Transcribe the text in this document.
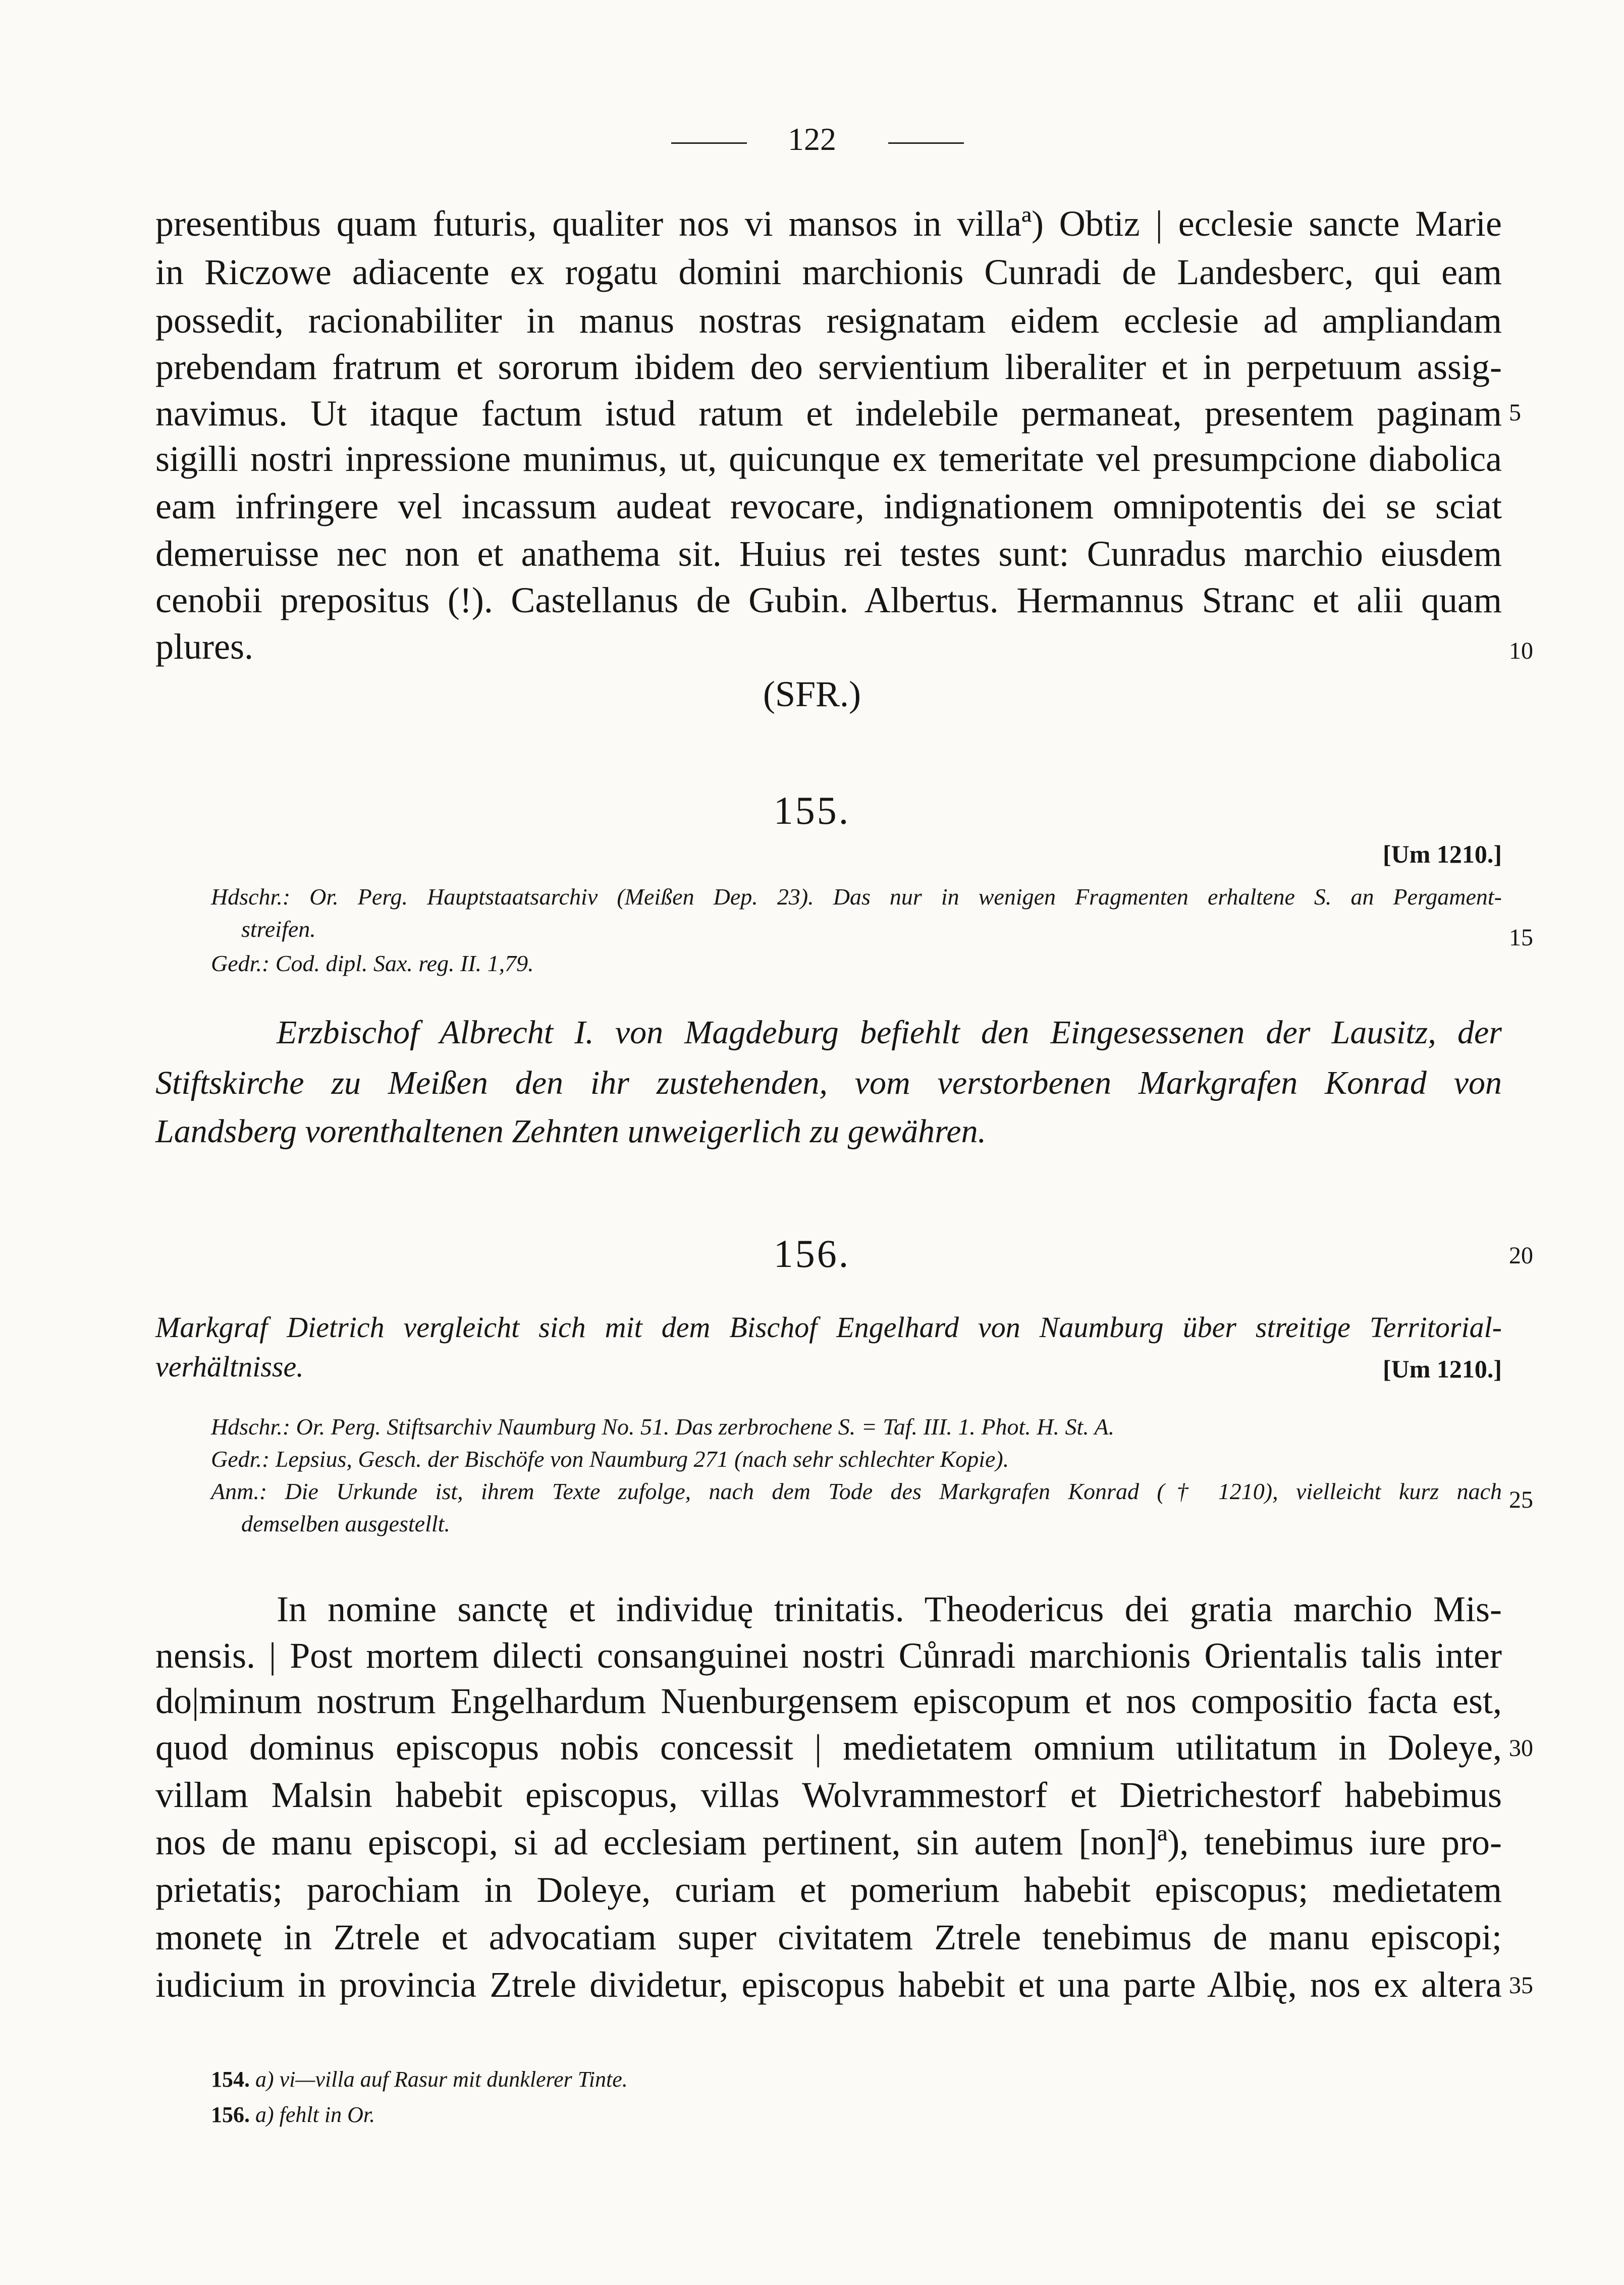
122
presentibus quam futuris, qualiter nos vi mansos in villaª) Obtiz | ecclesie sancte Marie
in Riczowe adiacente ex rogatu domini marchionis Cunradi de Landesberc, qui eam
possedit, racionabiliter in manus nostras resignatam eidem ecclesie ad ampliandam
prebendam fratrum et sororum ibidem deo servientium liberaliter et in perpetuum assig-
navimus. Ut itaque factum istud ratum et indelebile permaneat, presentem paginam
sigilli nostri inpressione munimus, ut, quicunque ex temeritate vel presumpcione diabolica
eam infringere vel incassum audeat revocare, indignationem omnipotentis dei se sciat
demeruisse nec non et anathema sit. Huius rei testes sunt: Cunradus marchio eiusdem
cenobii prepositus (!). Castellanus de Gubin. Albertus. Hermannus Stranc et alii quam
plures.
(SFR.)
155.
[Um 1210.]
Hdschr.: Or. Perg. Hauptstaatsarchiv (Meißen Dep. 23). Das nur in wenigen Fragmenten erhaltene S. an Pergament-
streifen.
Gedr.: Cod. dipl. Sax. reg. II. 1,79.
Erzbischof Albrecht I. von Magdeburg befiehlt den Eingesessenen der Lausitz, der
Stiftskirche zu Meißen den ihr zustehenden, vom verstorbenen Markgrafen Konrad von
Landsberg vorenthaltenen Zehnten unweigerlich zu gewähren.
156.
Markgraf Dietrich vergleicht sich mit dem Bischof Engelhard von Naumburg über streitige Territorial-
verhältnisse.	[Um 1210.]
Hdschr.: Or. Perg. Stiftsarchiv Naumburg No. 51. Das zerbrochene S. = Taf. III. 1. Phot. H. St. A.
Gedr.: Lepsius, Gesch. der Bischöfe von Naumburg 271 (nach sehr schlechter Kopie).
Anm.: Die Urkunde ist, ihrem Texte zufolge, nach dem Tode des Markgrafen Konrad († 1210), vielleicht kurz nach
demselben ausgestellt.
In nomine sanctę et individuę trinitatis. Theodericus dei gratia marchio Mis-
nensis. | Post mortem dilecti consanguinei nostri Cůnradi marchionis Orientalis talis inter
do|minum nostrum Engelhardum Nuenburgensem episcopum et nos compositio facta est,
quod dominus episcopus nobis concessit | medietatem omnium utilitatum in Doleye,
villam Malsin habebit episcopus, villas Wolvrammestorf et Dietrichestorf habebimus
nos de manu episcopi, si ad ecclesiam pertinent, sin autem [non]ª), tenebimus iure pro-
prietatis; parochiam in Doleye, curiam et pomerium habebit episcopus; medietatem
monetę in Ztrele et advocatiam super civitatem Ztrele tenebimus de manu episcopi;
iudicium in provincia Ztrele dividetur, episcopus habebit et una parte Albię, nos ex altera
5
10
15
20
25
30
35
154. a) vi—villa auf Rasur mit dunklerer Tinte.
156. a) fehlt in Or.
